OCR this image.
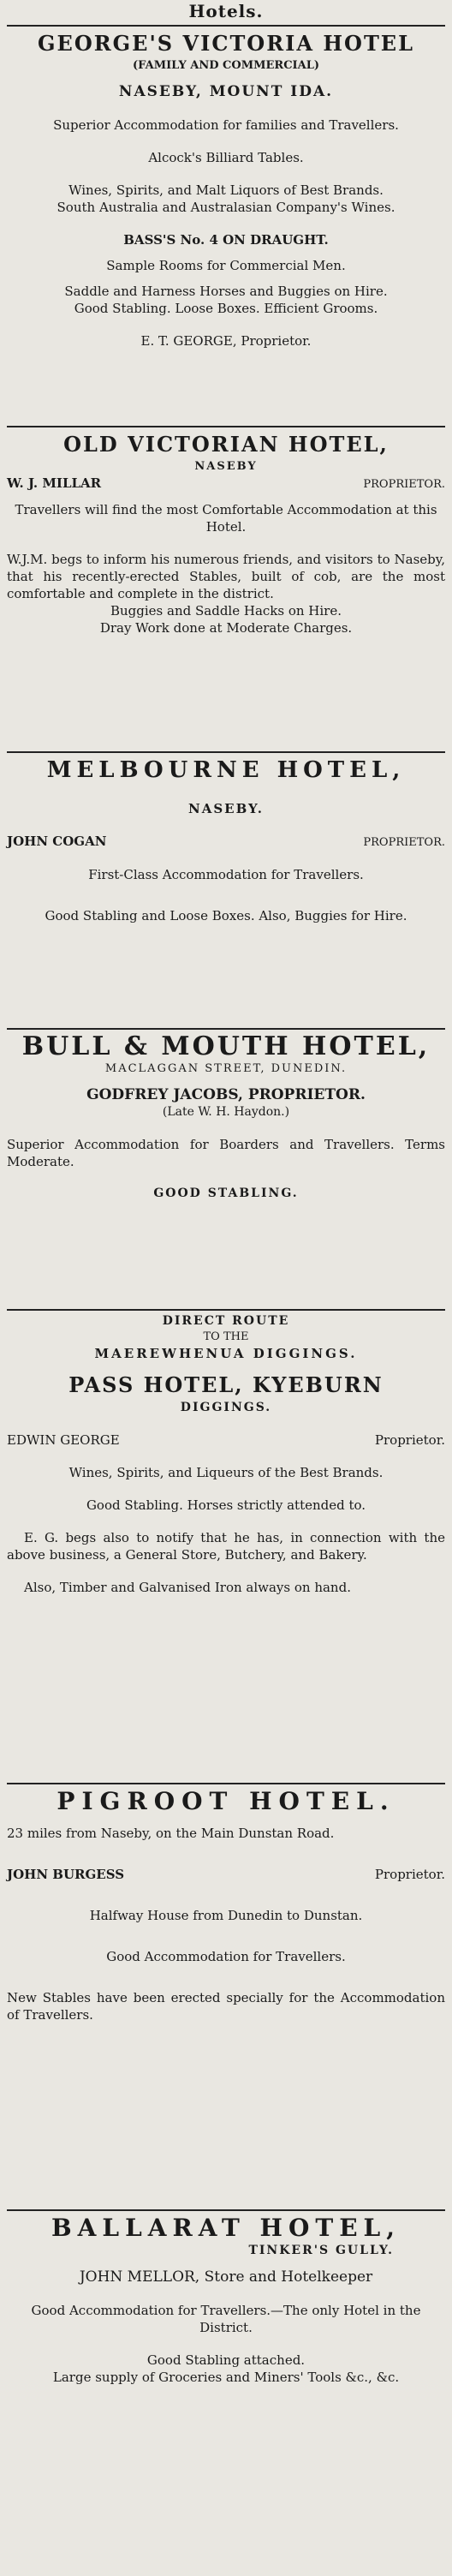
Hotels.
GEORGE'S VICTORIA HOTEL
(FAMILY AND COMMERCIAL)
NASEBY, MOUNT IDA.
Superior Accommodation for families and Travellers.
Alcock's Billiard Tables.
Wines, Spirits, and Malt Liquors of Best Brands.
South Australia and Australasian Company's Wines.
BASS'S No. 4 ON DRAUGHT.
Sample Rooms for Commercial Men.
Saddle and Harness Horses and Buggies on Hire.
Good Stabling. Loose Boxes. Efficient Grooms.
E. T. GEORGE, Proprietor.
OLD VICTORIAN HOTEL,
NASEBY
W. J. MILLAR	PROPRIETOR.
Travellers will find the most Comfortable Accommodation at this Hotel.
W.J.M. begs to inform his numerous friends, and visitors to Naseby, that his recently-erected Stables, built of cob, are the most comfortable and complete in the district.
Buggies and Saddle Hacks on Hire.
Dray Work done at Moderate Charges.
MELBOURNE HOTEL,
NASEBY.
JOHN COGAN	PROPRIETOR.
First-Class Accommodation for Travellers.
Good Stabling and Loose Boxes. Also, Buggies for Hire.
BULL & MOUTH HOTEL,
MACLAGGAN STREET, DUNEDIN.
GODFREY JACOBS, PROPRIETOR.
(Late W. H. Haydon.)
Superior Accommodation for Boarders and Travellers. Terms Moderate.
GOOD STABLING.
DIRECT ROUTE
TO THE
MAEREWHENUA DIGGINGS.
PASS HOTEL, KYEBURN
DIGGINGS.
EDWIN GEORGE	Proprietor.
Wines, Spirits, and Liqueurs of the Best Brands.
Good Stabling. Horses strictly attended to.
E. G. begs also to notify that he has, in connection with the above business, a General Store, Butchery, and Bakery.
Also, Timber and Galvanised Iron always on hand.
PIGROOT HOTEL.
23 miles from Naseby, on the Main Dunstan Road.
JOHN BURGESS	Proprietor.
Halfway House from Dunedin to Dunstan.
Good Accommodation for Travellers.
New Stables have been erected specially for the Accommodation of Travellers.
BALLARAT HOTEL,
TINKER'S GULLY.
JOHN MELLOR, Store and Hotelkeeper
Good Accommodation for Travellers.—The only Hotel in the District.
Good Stabling attached.
Large supply of Groceries and Miners' Tools &c., &c.
